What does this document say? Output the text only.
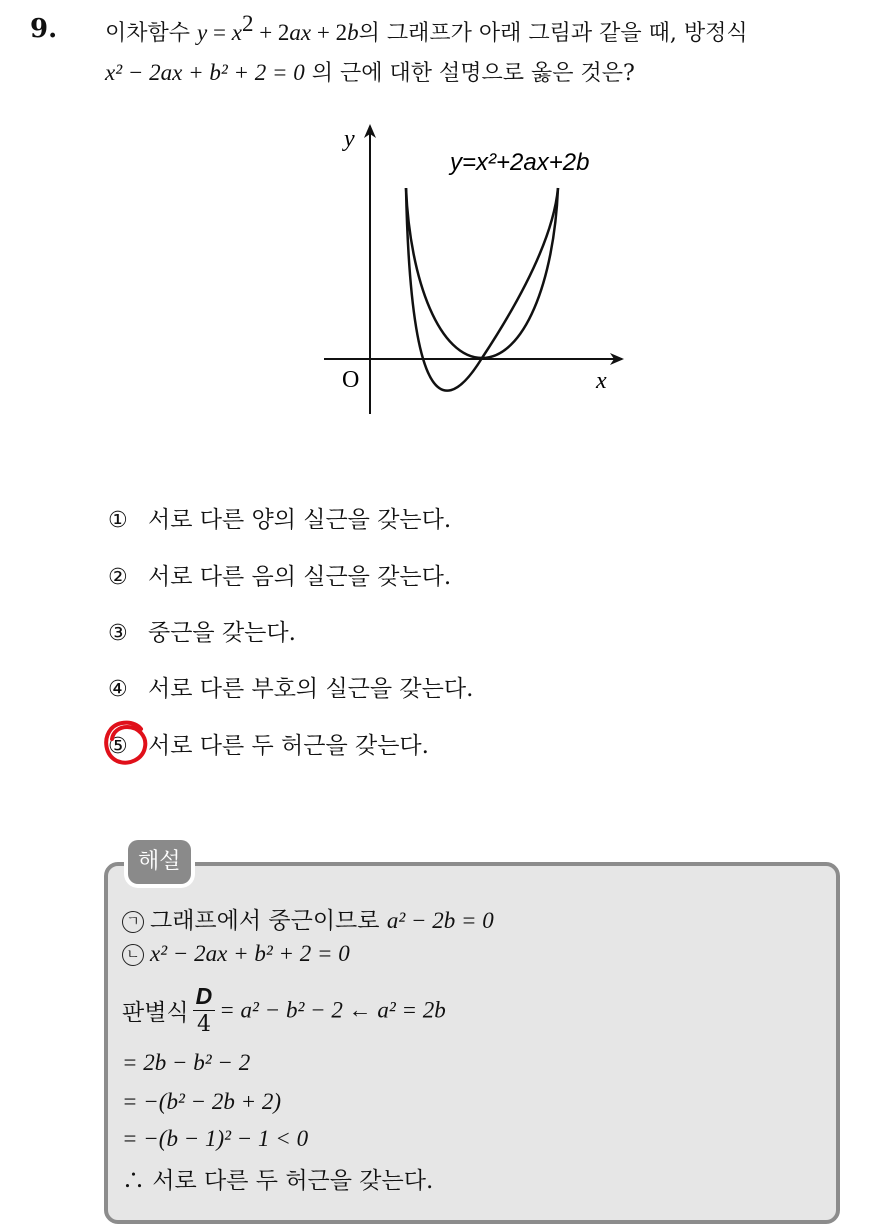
9. 이차함수 $y = x^2 + 2ax + 2b$의 그래프가 아래 그림과 같을 때, 방정식
x² − 2ax + b² + 2 = 0 의 근에 대한 설명으로 옳은 것은?
y
x
O
y=x²+2ax+2b
① 서로 다른 양의 실근을 갖는다.
② 서로 다른 음의 실근을 갖는다.
③ 중근을 갖는다.
④ 서로 다른 부호의 실근을 갖는다.
⑤ 서로 다른 두 허근을 갖는다.
해설
ㄱ 그래프에서 중근이므로 a² − 2b = 0
ㄴ x² − 2ax + b² + 2 = 0
판별식 $\frac{D}{4} = a^2 - b^2 - 2$ ← a² = 2b
= 2b − b² − 2
= −(b² − 2b + 2)
= −(b − 1)² − 1 < 0
∴ 서로 다른 두 허근을 갖는다.
